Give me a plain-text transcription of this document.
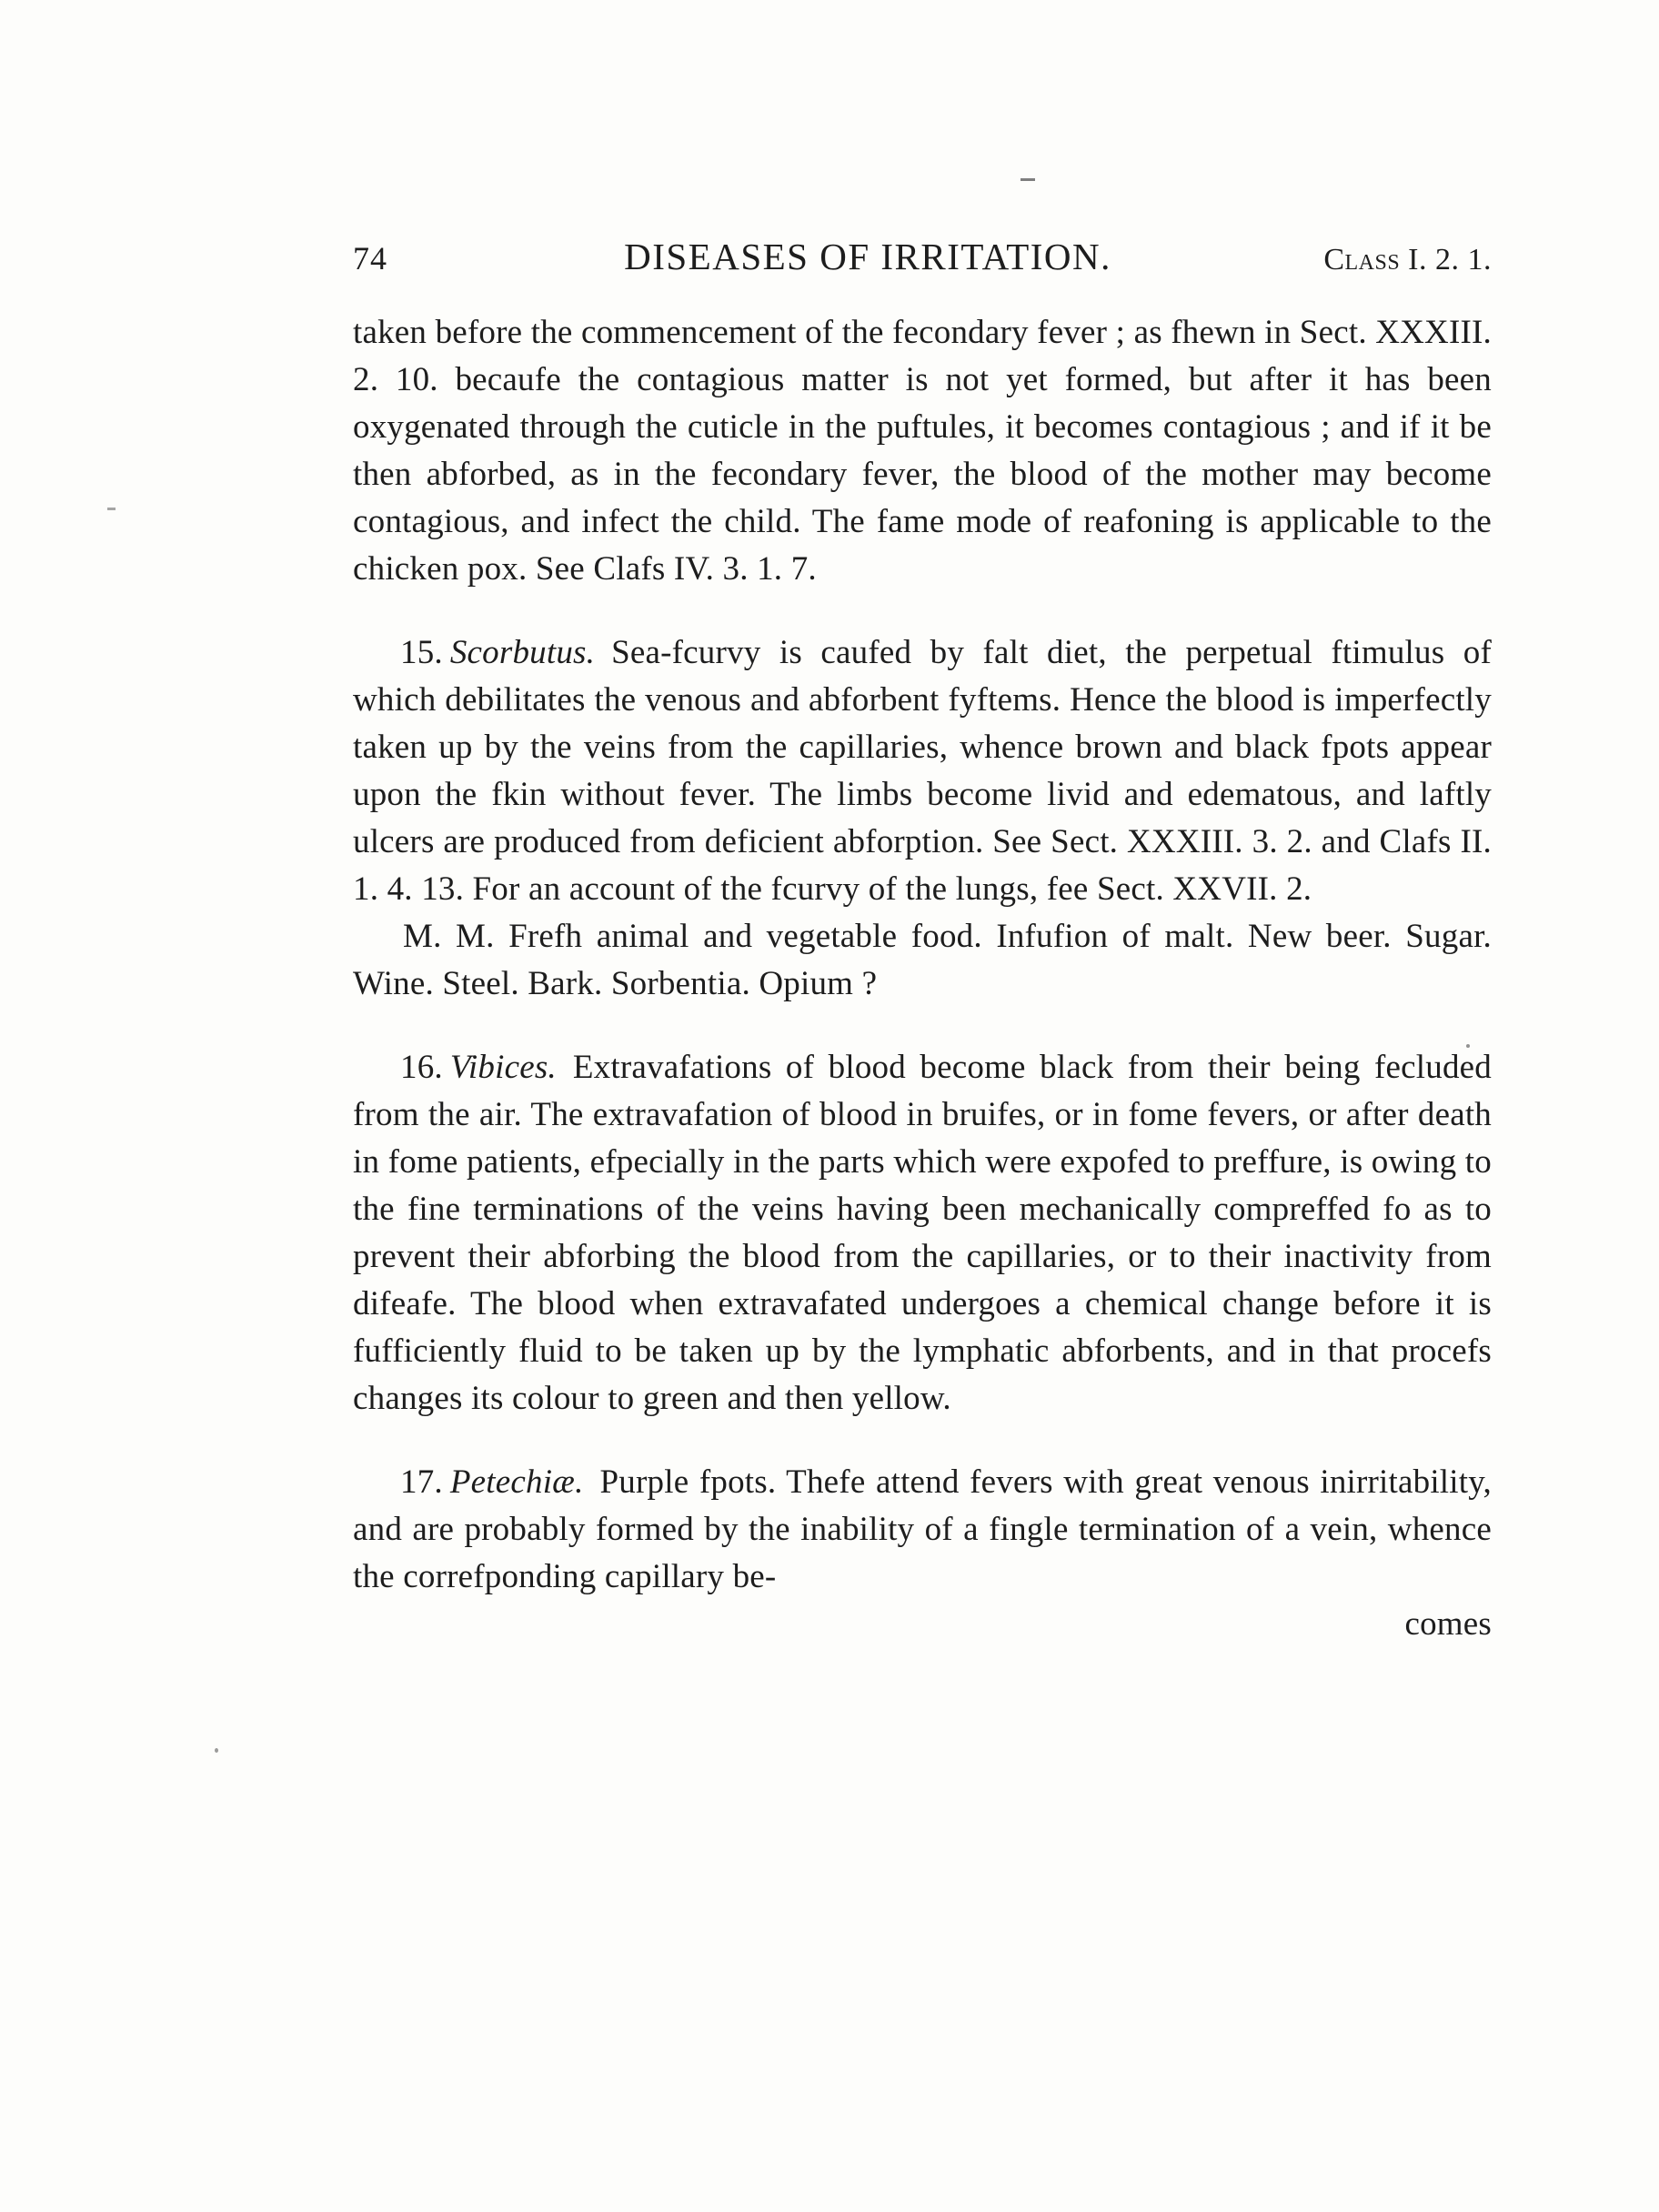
74	DISEASES OF IRRITATION.	Class I. 2. 1.

taken before the commencement of the fecondary fever ; as fhewn in Sect. XXXIII. 2. 10. becaufe the contagious matter is not yet formed, but after it has been oxygenated through the cuticle in the puftules, it becomes contagious ; and if it be then abforbed, as in the fecondary fever, the blood of the mother may become contagious, and infect the child. The fame mode of reafoning is applicable to the chicken pox. See Clafs IV. 3. 1. 7.

15. Scorbutus. Sea-fcurvy is caufed by falt diet, the perpetual ftimulus of which debilitates the venous and abforbent fyftems. Hence the blood is imperfectly taken up by the veins from the capillaries, whence brown and black fpots appear upon the fkin without fever. The limbs become livid and edematous, and laftly ulcers are produced from deficient abforption. See Sect. XXXIII. 3. 2. and Clafs II. 1. 4. 13. For an account of the fcurvy of the lungs, fee Sect. XXVII. 2.

M. M. Frefh animal and vegetable food. Infufion of malt. New beer. Sugar. Wine. Steel. Bark. Sorbentia. Opium ?

16. Vibices. Extravafations of blood become black from their being fecluded from the air. The extravafation of blood in bruifes, or in fome fevers, or after death in fome patients, efpecially in the parts which were expofed to preffure, is owing to the fine terminations of the veins having been mechanically compreffed fo as to prevent their abforbing the blood from the capillaries, or to their inactivity from difeafe. The blood when extravafated undergoes a chemical change before it is fufficiently fluid to be taken up by the lymphatic abforbents, and in that procefs changes its colour to green and then yellow.

17. Petechiæ. Purple fpots. Thefe attend fevers with great venous inirritability, and are probably formed by the inability of a fingle termination of a vein, whence the correfponding capillary be-

comes
